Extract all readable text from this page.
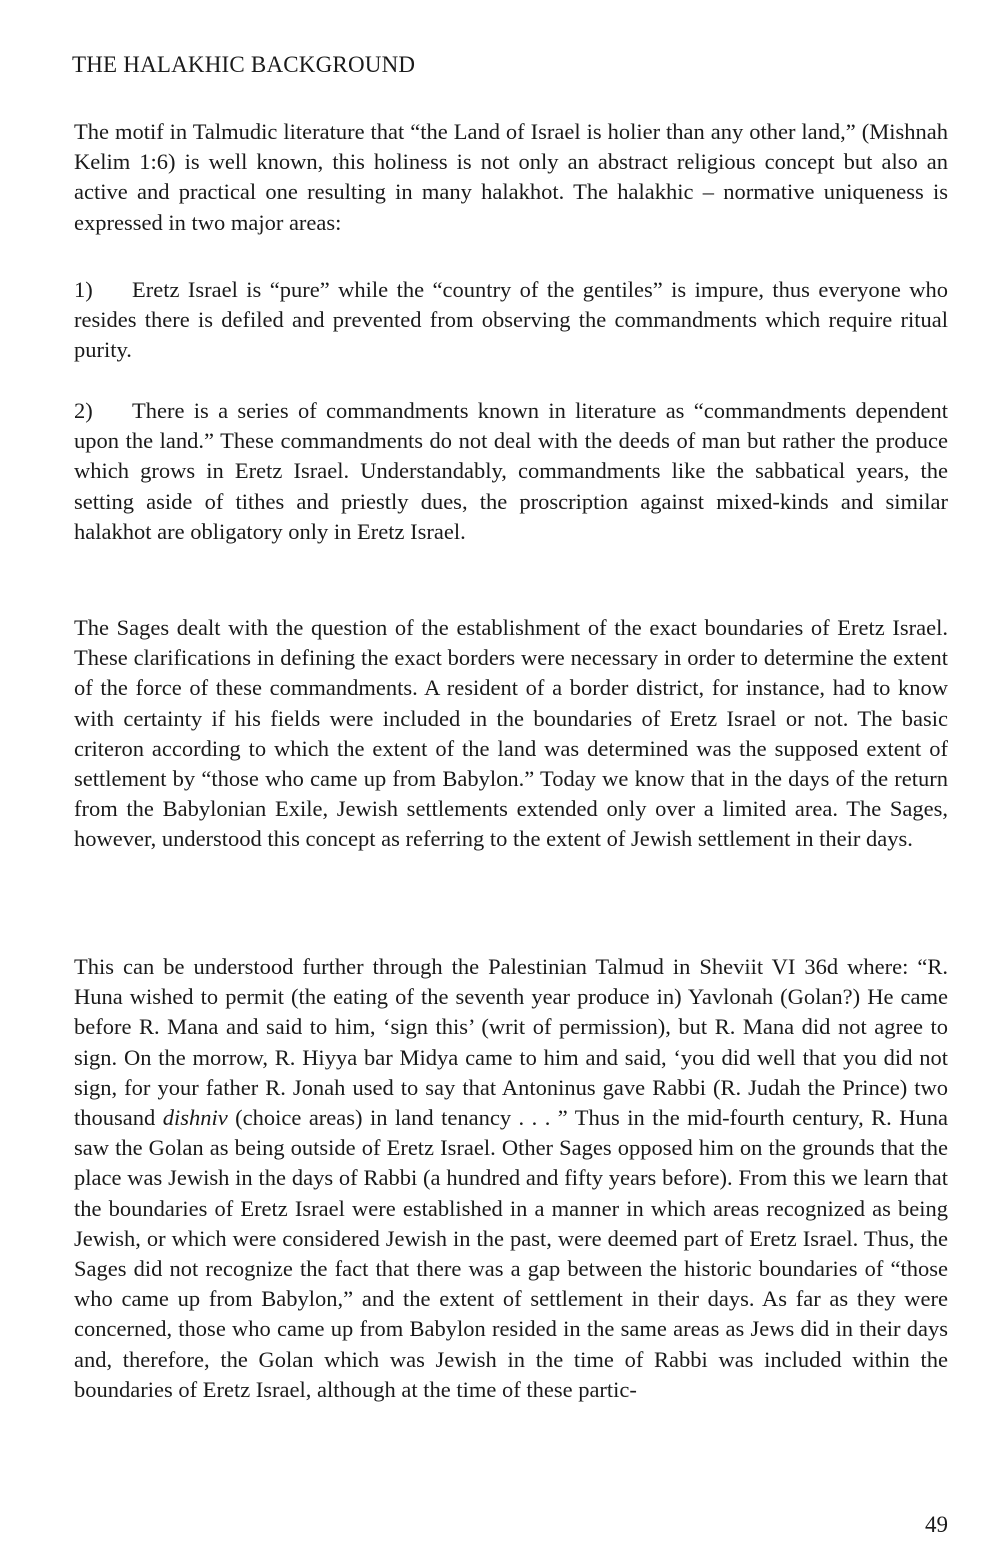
THE HALAKHIC BACKGROUND

The motif in Talmudic literature that “the Land of Israel is holier than any other land,” (Mishnah Kelim 1:6) is well known, this holiness is not only an abstract religious concept but also an active and practical one resulting in many halakhot. The halakhic – normative uniqueness is expressed in two major areas:

1) Eretz Israel is “pure” while the “country of the gentiles” is impure, thus everyone who resides there is defiled and prevented from observing the commandments which require ritual purity.

2) There is a series of commandments known in literature as “commandments dependent upon the land.” These commandments do not deal with the deeds of man but rather the produce which grows in Eretz Israel. Understandably, commandments like the sabbatical years, the setting aside of tithes and priestly dues, the proscription against mixed-kinds and similar halakhot are obligatory only in Eretz Israel.

The Sages dealt with the question of the establishment of the exact boundaries of Eretz Israel. These clarifications in defining the exact borders were necessary in order to determine the extent of the force of these commandments. A resident of a border district, for instance, had to know with certainty if his fields were included in the boundaries of Eretz Israel or not. The basic criteron according to which the extent of the land was determined was the supposed extent of settlement by “those who came up from Babylon.” Today we know that in the days of the return from the Babylonian Exile, Jewish settlements extended only over a limited area. The Sages, however, understood this concept as referring to the extent of Jewish settlement in their days.

This can be understood further through the Palestinian Talmud in Sheviit VI 36d where: “R. Huna wished to permit (the eating of the seventh year produce in) Yavlonah (Golan?) He came before R. Mana and said to him, ‘sign this’ (writ of permission), but R. Mana did not agree to sign. On the morrow, R. Hiyya bar Midya came to him and said, ‘you did well that you did not sign, for your father R. Jonah used to say that Antoninus gave Rabbi (R. Judah the Prince) two thousand dishniv (choice areas) in land tenancy . . . ” Thus in the mid-fourth century, R. Huna saw the Golan as being outside of Eretz Israel. Other Sages opposed him on the grounds that the place was Jewish in the days of Rabbi (a hundred and fifty years before). From this we learn that the boundaries of Eretz Israel were established in a manner in which areas recognized as being Jewish, or which were considered Jewish in the past, were deemed part of Eretz Israel. Thus, the Sages did not recognize the fact that there was a gap between the historic boundaries of “those who came up from Babylon,” and the extent of settlement in their days. As far as they were concerned, those who came up from Babylon resided in the same areas as Jews did in their days and, therefore, the Golan which was Jewish in the time of Rabbi was included within the boundaries of Eretz Israel, although at the time of these partic-

49
